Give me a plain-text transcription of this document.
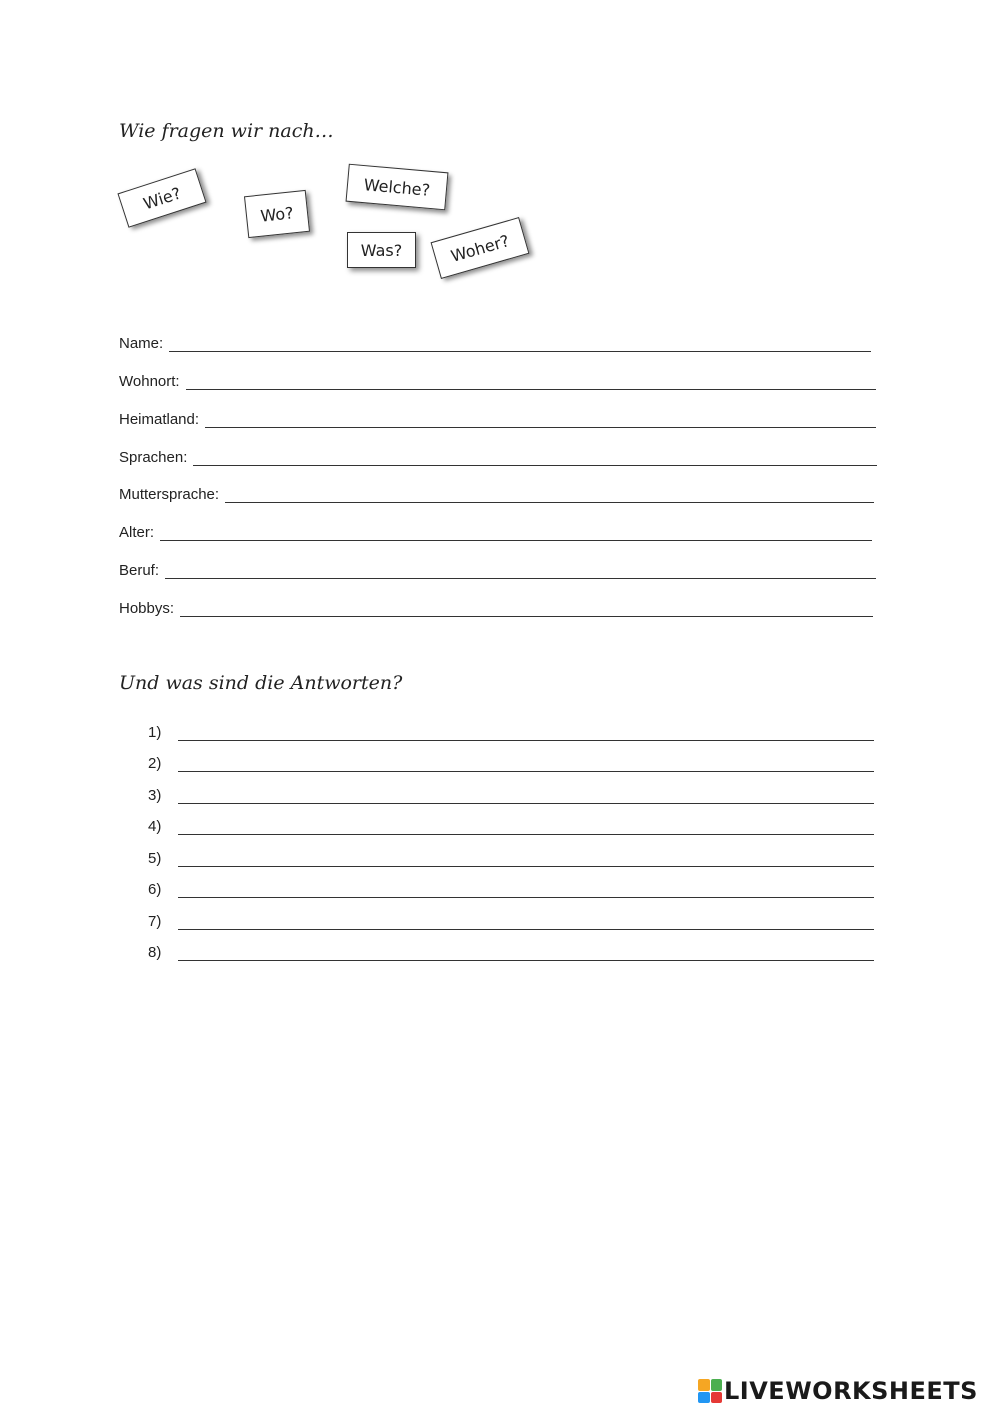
Wie fragen wir nach…
Wie?
Wo?
Welche?
Was?	Woher?
Name:
Wohnort:
Heimatland:
Sprachen:
Muttersprache:
Alter:
Beruf:
Hobbys:
Und was sind die Antworten?
1)
2)
3)
4)
5)
6)
7)
8)
LIVEWORKSHEETS
